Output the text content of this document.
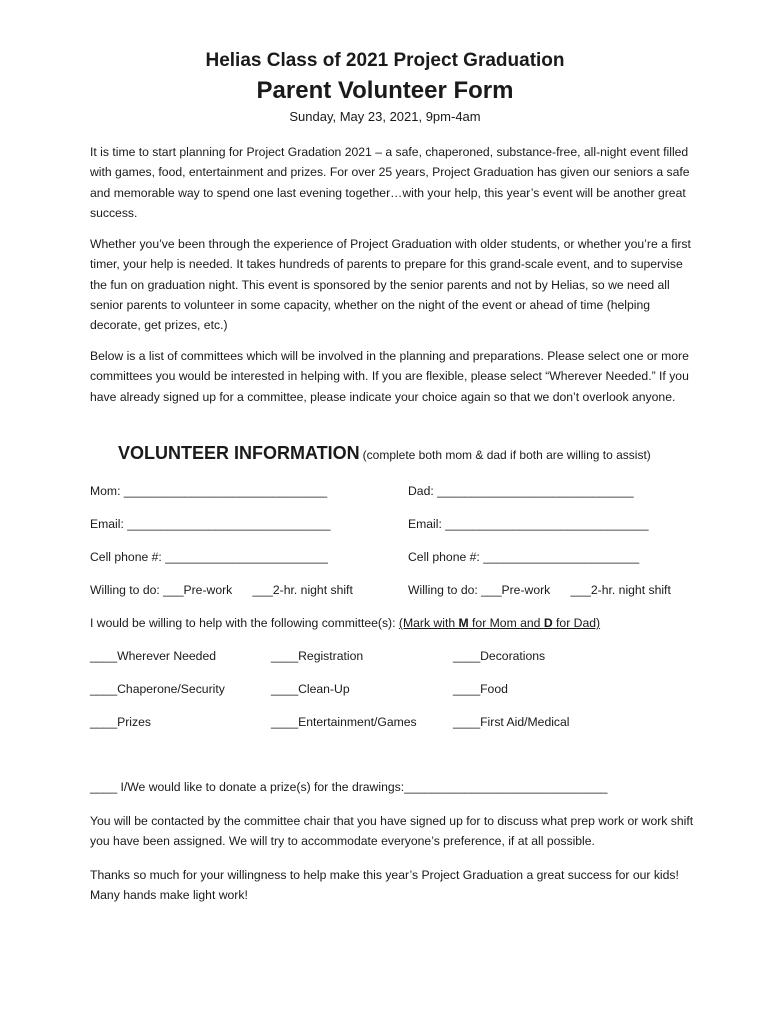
Helias Class of 2021 Project Graduation
Parent Volunteer Form
Sunday, May 23, 2021, 9pm-4am

It is time to start planning for Project Gradation 2021 – a safe, chaperoned, substance-free, all-night event filled with games, food, entertainment and prizes. For over 25 years, Project Graduation has given our seniors a safe and memorable way to spend one last evening together…with your help, this year’s event will be another great success.

Whether you’ve been through the experience of Project Graduation with older students, or whether you’re a first timer, your help is needed. It takes hundreds of parents to prepare for this grand-scale event, and to supervise the fun on graduation night. This event is sponsored by the senior parents and not by Helias, so we need all senior parents to volunteer in some capacity, whether on the night of the event or ahead of time (helping decorate, get prizes, etc.)

Below is a list of committees which will be involved in the planning and preparations. Please select one or more committees you would be interested in helping with. If you are flexible, please select “Wherever Needed.” If you have already signed up for a committee, please indicate your choice again so that we don’t overlook anyone.

VOLUNTEER INFORMATION (complete both mom & dad if both are willing to assist)
Mom: ______________________________	Dad: _____________________________
Email: ______________________________	Email: ______________________________
Cell phone #: ________________________	Cell phone #: _______________________
Willing to do: ___Pre-work      ___2-hr. night shift	Willing to do: ___Pre-work      ___2-hr. night shift
I would be willing to help with the following committee(s): (Mark with M for Mom and D for Dad)
____Wherever Needed	____Registration	____Decorations
____Chaperone/Security	____Clean-Up	____Food
____Prizes	____Entertainment/Games	____First Aid/Medical
____ I/We would like to donate a prize(s) for the drawings:______________________________

You will be contacted by the committee chair that you have signed up for to discuss what prep work or work shift you have been assigned. We will try to accommodate everyone’s preference, if at all possible.

Thanks so much for your willingness to help make this year’s Project Graduation a great success for our kids! Many hands make light work!
